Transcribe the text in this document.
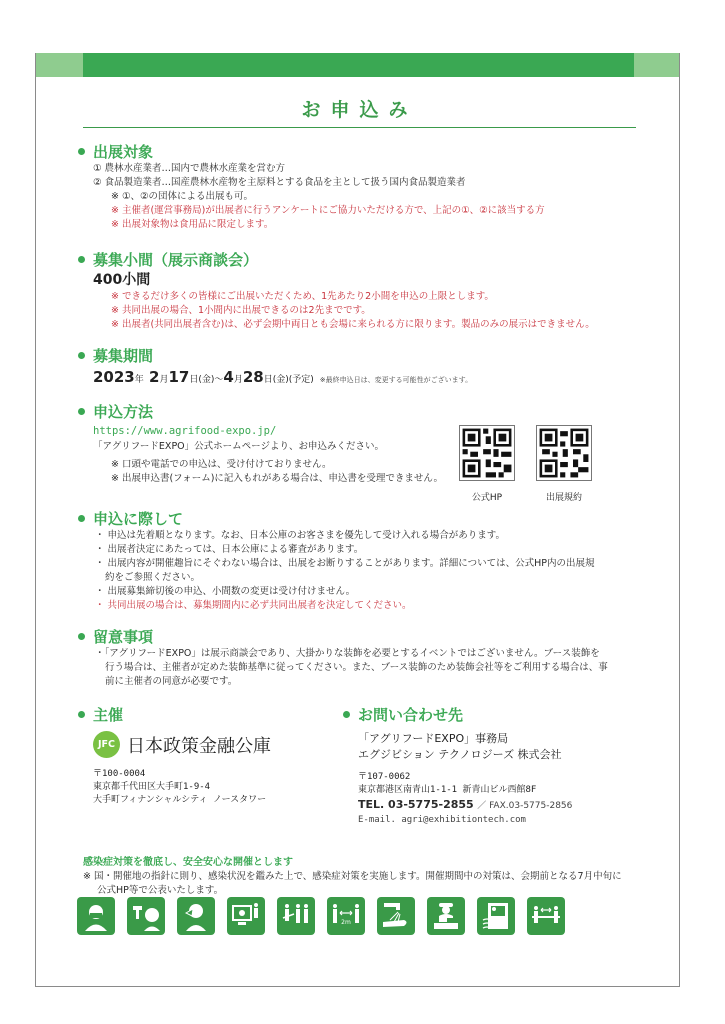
お申込み
出展対象
① 農林水産業者…国内で農林水産業を営む方
② 食品製造業者…国産農林水産物を主原料とする食品を主として扱う国内食品製造業者
※ ①、②の団体による出展も可。
※ 主催者(運営事務局)が出展者に行うアンケートにご協力いただける方で、上記の①、②に該当する方
※ 出展対象物は食用品に限定します。
募集小間（展示商談会）
400小間
※ できるだけ多くの皆様にご出展いただくため、1先あたり2小間を申込の上限とします。
※ 共同出展の場合、1小間内に出展できるのは2先までです。
※ 出展者(共同出展者含む)は、必ず会期中両日とも会場に来られる方に限ります。製品のみの展示はできません。
募集期間
2023年 2月17日(金)～4月28日(金)(予定) ※最終申込日は、変更する可能性がございます。
申込方法
https://www.agrifood-expo.jp/
「アグリフードEXPO」公式ホームページより、お申込みください。
※ 口頭や電話での申込は、受け付けておりません。
※ 出展申込書(フォーム)に記入もれがある場合は、申込書を受理できません。
公式HP	出展規約
申込に際して
・ 申込は先着順となります。なお、日本公庫のお客さまを優先して受け入れる場合があります。
・ 出展者決定にあたっては、日本公庫による審査があります。
・ 出展内容が開催趣旨にそぐわない場合は、出展をお断りすることがあります。詳細については、公式HP内の出展規約をご参照ください。
・ 出展募集締切後の申込、小間数の変更は受け付けません。
・ 共同出展の場合は、募集期間内に必ず共同出展者を決定してください。
留意事項
・「アグリフードEXPO」は展示商談会であり、大掛かりな装飾を必要とするイベントではございません。ブース装飾を行う場合は、主催者が定めた装飾基準に従ってください。また、ブース装飾のため装飾会社等をご利用する場合は、事前に主催者の同意が必要です。
主催
JFC 日本政策金融公庫
〒100-0004
東京都千代田区大手町1-9-4
大手町フィナンシャルシティ ノースタワー
お問い合わせ先
「アグリフードEXPO」事務局
エグジビション テクノロジーズ 株式会社
〒107-0062
東京都港区南青山1-1-1 新青山ビル西館8F
TEL. 03-5775-2855 ／ FAX.03-5775-2856
E-mail. agri@exhibitiontech.com
感染症対策を徹底し、安全安心な開催とします
※ 国・開催地の指針に則り、感染状況を鑑みた上で、感染症対策を実施します。開催期間中の対策は、会期前となる7月中旬に
公式HP等で公表いたします。
2m
